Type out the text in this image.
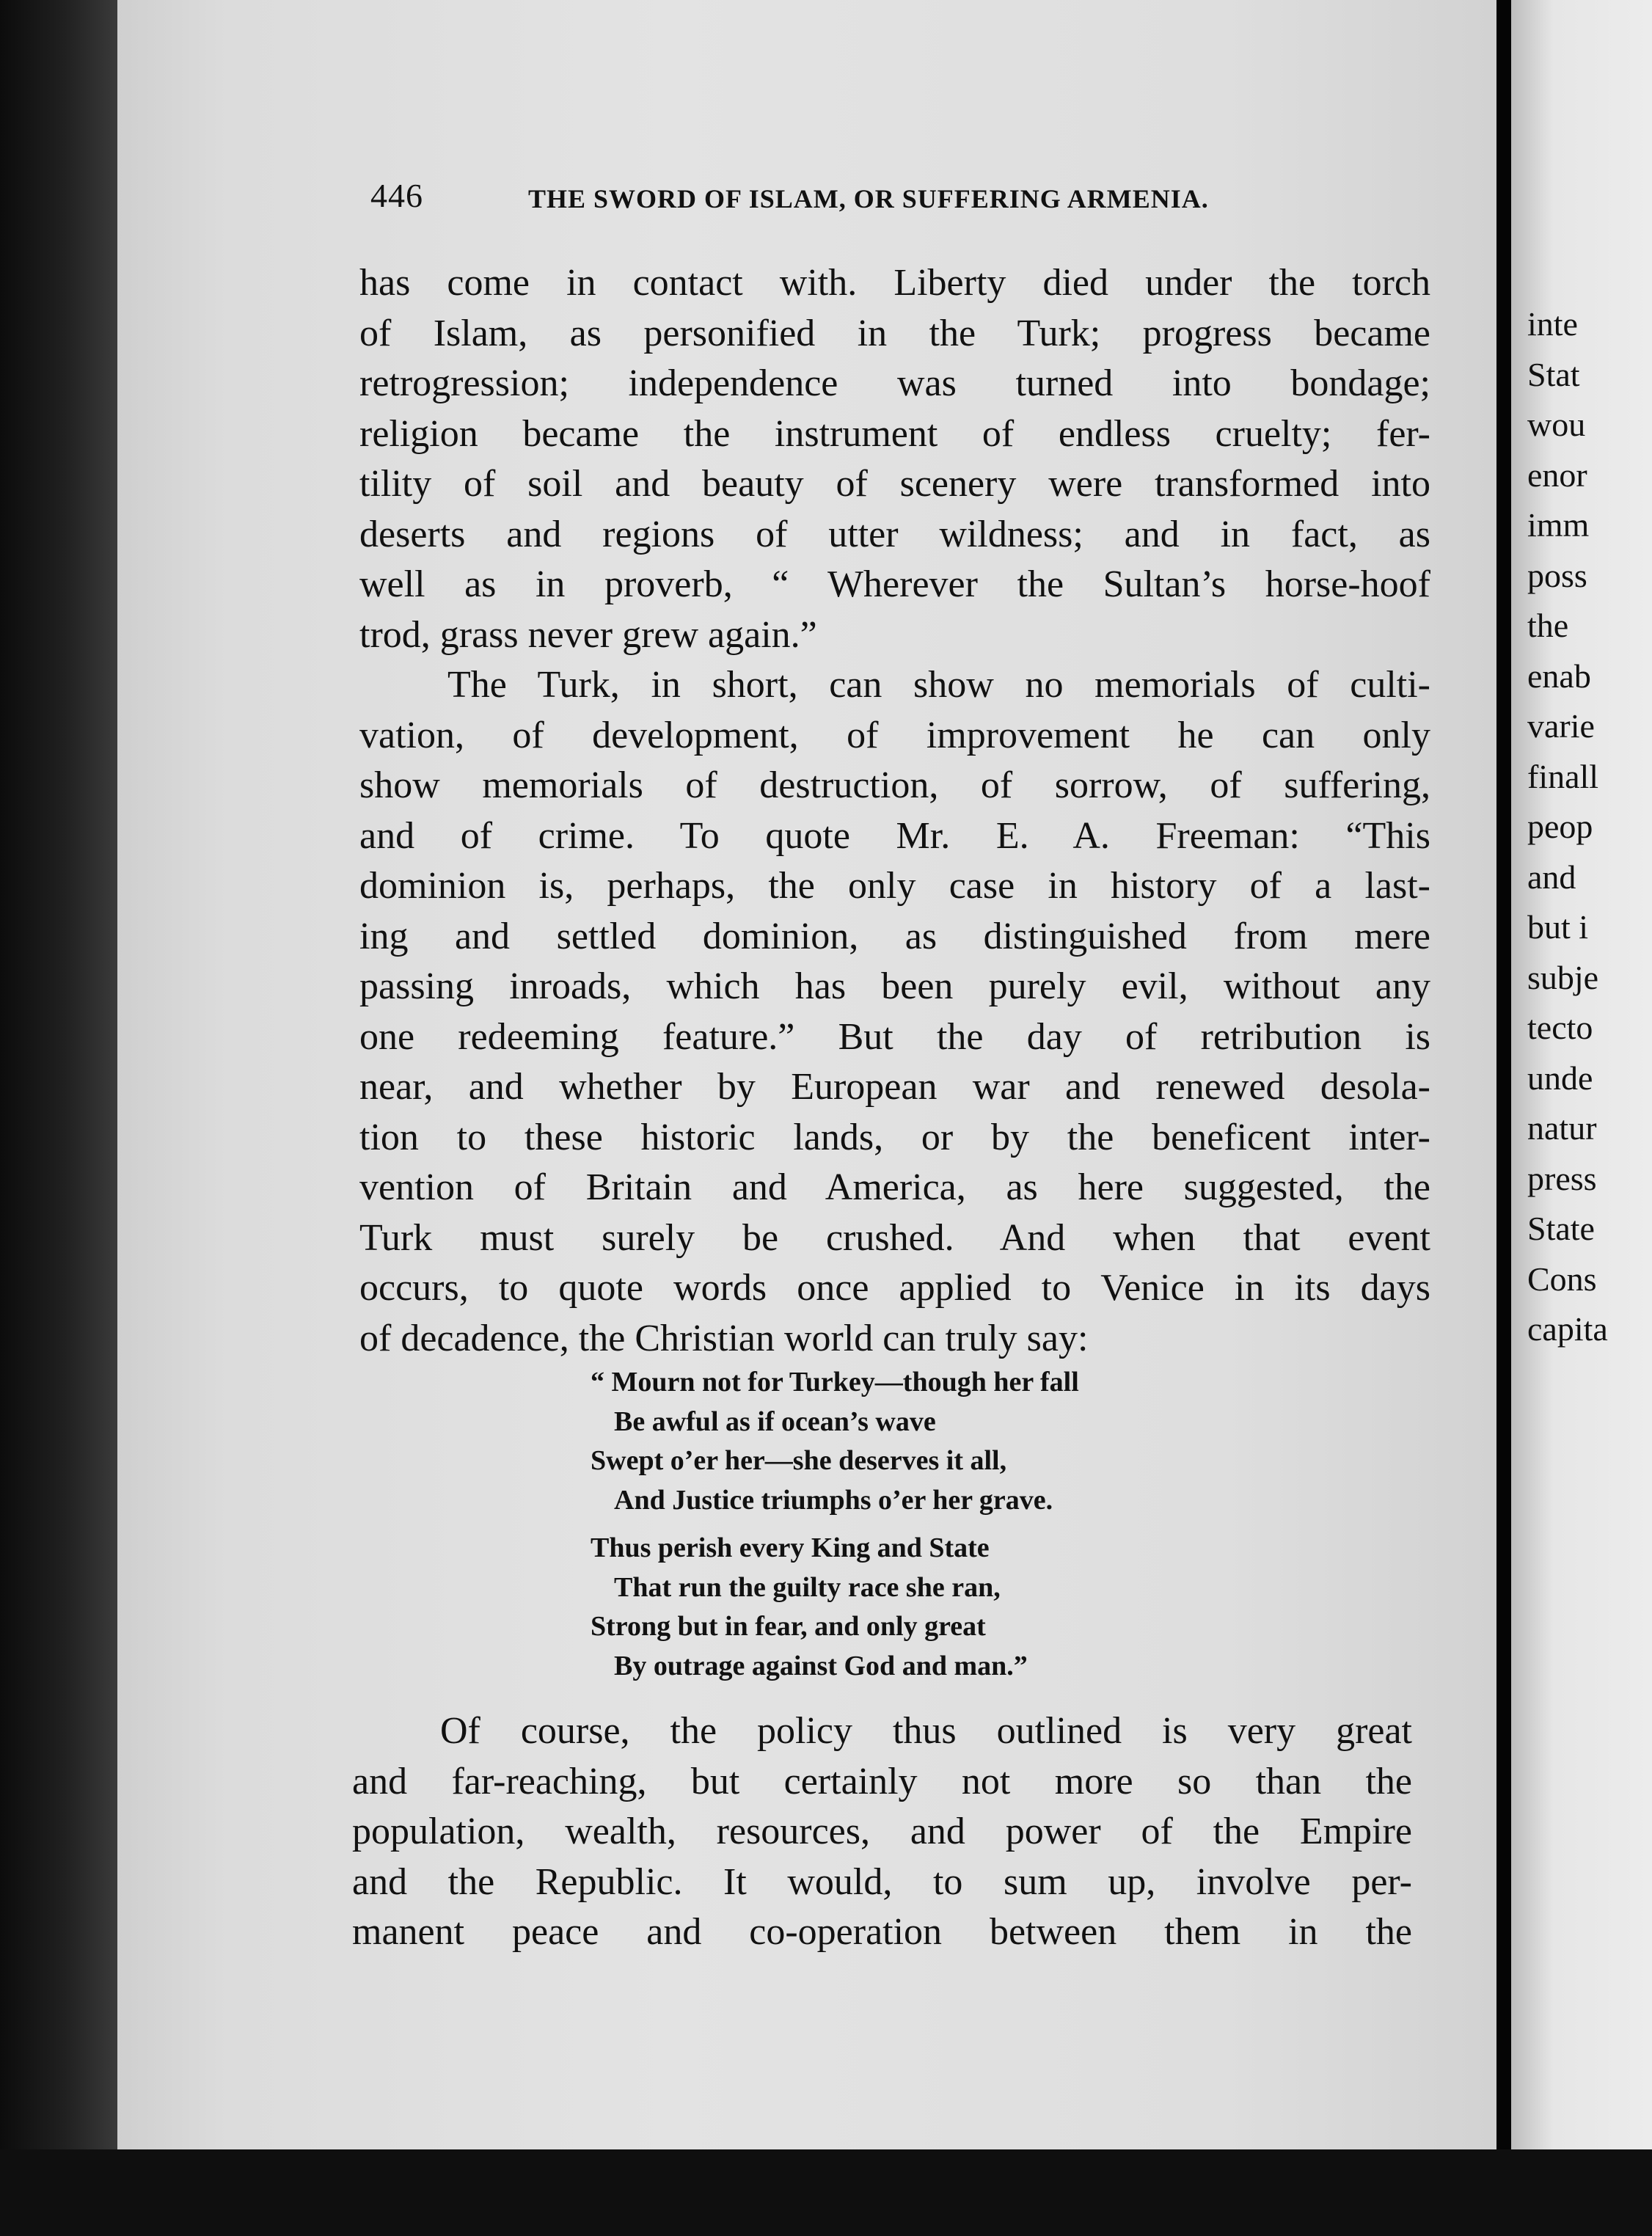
446	THE SWORD OF ISLAM, OR SUFFERING ARMENIA.
has come in contact with. Liberty died under the torch
of Islam, as personified in the Turk; progress became
retrogression; independence was turned into bondage;
religion became the instrument of endless cruelty; fer-
tility of soil and beauty of scenery were transformed into
deserts and regions of utter wildness; and in fact, as
well as in proverb, “ Wherever the Sultan’s horse-hoof
trod, grass never grew again.”
The Turk, in short, can show no memorials of culti-
vation, of development, of improvement he can only
show memorials of destruction, of sorrow, of suffering,
and of crime. To quote Mr. E. A. Freeman: “This
dominion is, perhaps, the only case in history of a last-
ing and settled dominion, as distinguished from mere
passing inroads, which has been purely evil, without any
one redeeming feature.” But the day of retribution is
near, and whether by European war and renewed desola-
tion to these historic lands, or by the beneficent inter-
vention of Britain and America, as here suggested, the
Turk must surely be crushed. And when that event
occurs, to quote words once applied to Venice in its days
of decadence, the Christian world can truly say:
“ Mourn not for Turkey—though her fall
Be awful as if ocean’s wave
Swept o’er her—she deserves it all,
And Justice triumphs o’er her grave.
Thus perish every King and State
That run the guilty race she ran,
Strong but in fear, and only great
By outrage against God and man.”
Of course, the policy thus outlined is very great
and far-reaching, but certainly not more so than the
population, wealth, resources, and power of the Empire
and the Republic. It would, to sum up, involve per-
manent peace and co-operation between them in the
inte
Stat
wou
enor
imm
poss
the
enab
varie
finall
peop
and
but i
subje
tecto
unde
natur
press
State
Cons
capita
